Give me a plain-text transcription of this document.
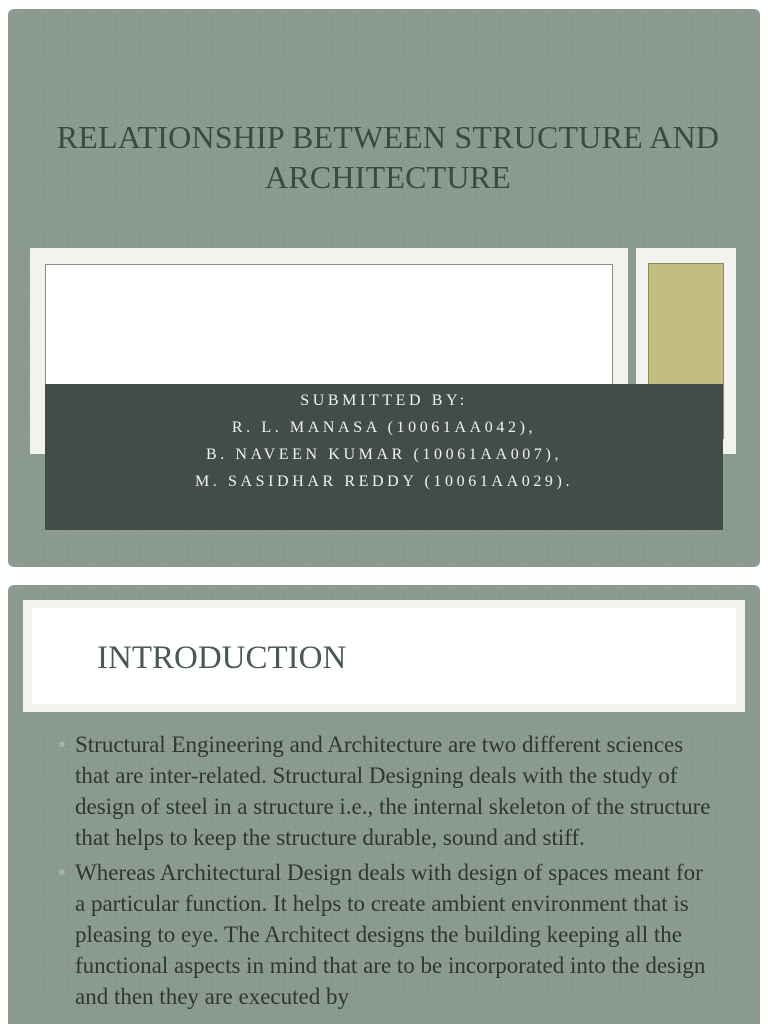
RELATIONSHIP BETWEEN STRUCTURE AND ARCHITECTURE
SUBMITTED BY:
R. L. MANASA (10061AA042),
B. NAVEEN KUMAR (10061AA007),
M. SASIDHAR REDDY (10061AA029).
INTRODUCTION
● Structural Engineering and Architecture are two different sciences that are inter-related. Structural Designing deals with the study of design of steel in a structure i.e., the internal skeleton of the structure that helps to keep the structure durable, sound and stiff.
● Whereas Architectural Design deals with design of spaces meant for a particular function. It helps to create ambient environment that is pleasing to eye. The Architect designs the building keeping all the functional aspects in mind that are to be incorporated into the design and then they are executed by
